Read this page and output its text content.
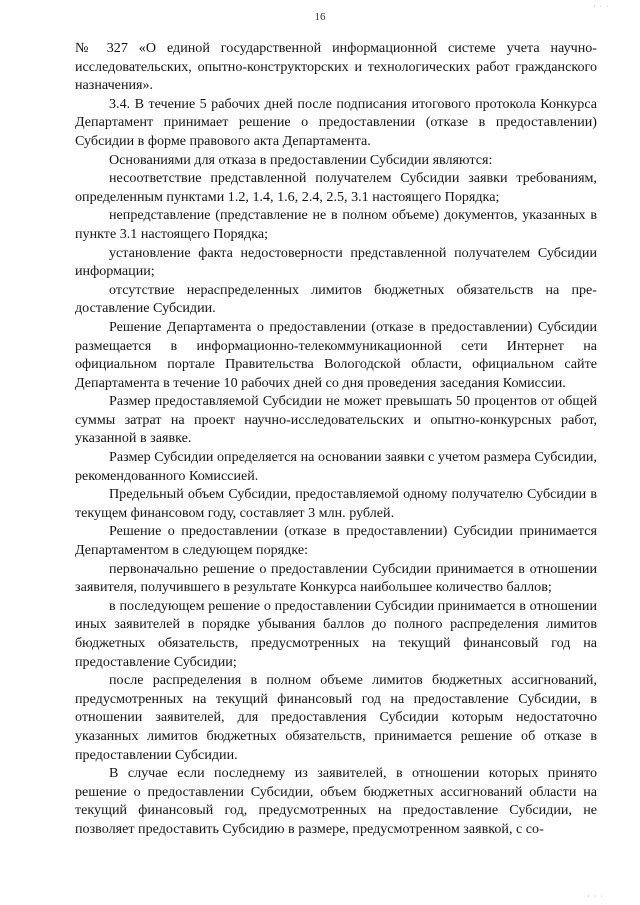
· · ·
16

№ 327 «О единой государственной информационной системе учета научно-исследовательских, опытно-конструкторских и технологических работ гражданского назначения».

3.4. В течение 5 рабочих дней после подписания итогового протокола Конкурса Департамент принимает решение о предоставлении (отказе в предоставлении) Субсидии в форме правового акта Департамента.

Основаниями для отказа в предоставлении Субсидии являются:

несоответствие представленной получателем Субсидии заявки требованиям, определенным пунктами 1.2, 1.4, 1.6, 2.4, 2.5, 3.1 настоящего Порядка;

непредставление (представление не в полном объеме) документов, указанных в пункте 3.1 настоящего Порядка;

установление факта недостоверности представленной получателем Субсидии информации;

отсутствие нераспределенных лимитов бюджетных обязательств на предоставление Субсидии.

Решение Департамента о предоставлении (отказе в предоставлении) Субсидии размещается в информационно-телекоммуникационной сети Интернет на официальном портале Правительства Вологодской области, официальном сайте Департамента в течение 10 рабочих дней со дня проведения заседания Комиссии.

Размер предоставляемой Субсидии не может превышать 50 процентов от общей суммы затрат на проект научно-исследовательских и опытно-конкурсных работ, указанной в заявке.

Размер Субсидии определяется на основании заявки с учетом размера Субсидии, рекомендованного Комиссией.

Предельный объем Субсидии, предоставляемой одному получателю Субсидии в текущем финансовом году, составляет 3 млн. рублей.

Решение о предоставлении (отказе в предоставлении) Субсидии принимается Департаментом в следующем порядке:

первоначально решение о предоставлении Субсидии принимается в отношении заявителя, получившего в результате Конкурса наибольшее количество баллов;

в последующем решение о предоставлении Субсидии принимается в отношении иных заявителей в порядке убывания баллов до полного распределения лимитов бюджетных обязательств, предусмотренных на текущий финансовый год на предоставление Субсидии;

после распределения в полном объеме лимитов бюджетных ассигнований, предусмотренных на текущий финансовый год на предоставление Субсидии, в отношении заявителей, для предоставления Субсидии которым недостаточно указанных лимитов бюджетных обязательств, принимается решение об отказе в предоставлении Субсидии.

В случае если последнему из заявителей, в отношении которых принято решение о предоставлении Субсидии, объем бюджетных ассигнований области на текущий финансовый год, предусмотренных на предоставление Субсидии, не позволяет предоставить Субсидию в размере, предусмотренном заявкой, с со-

· · ·
